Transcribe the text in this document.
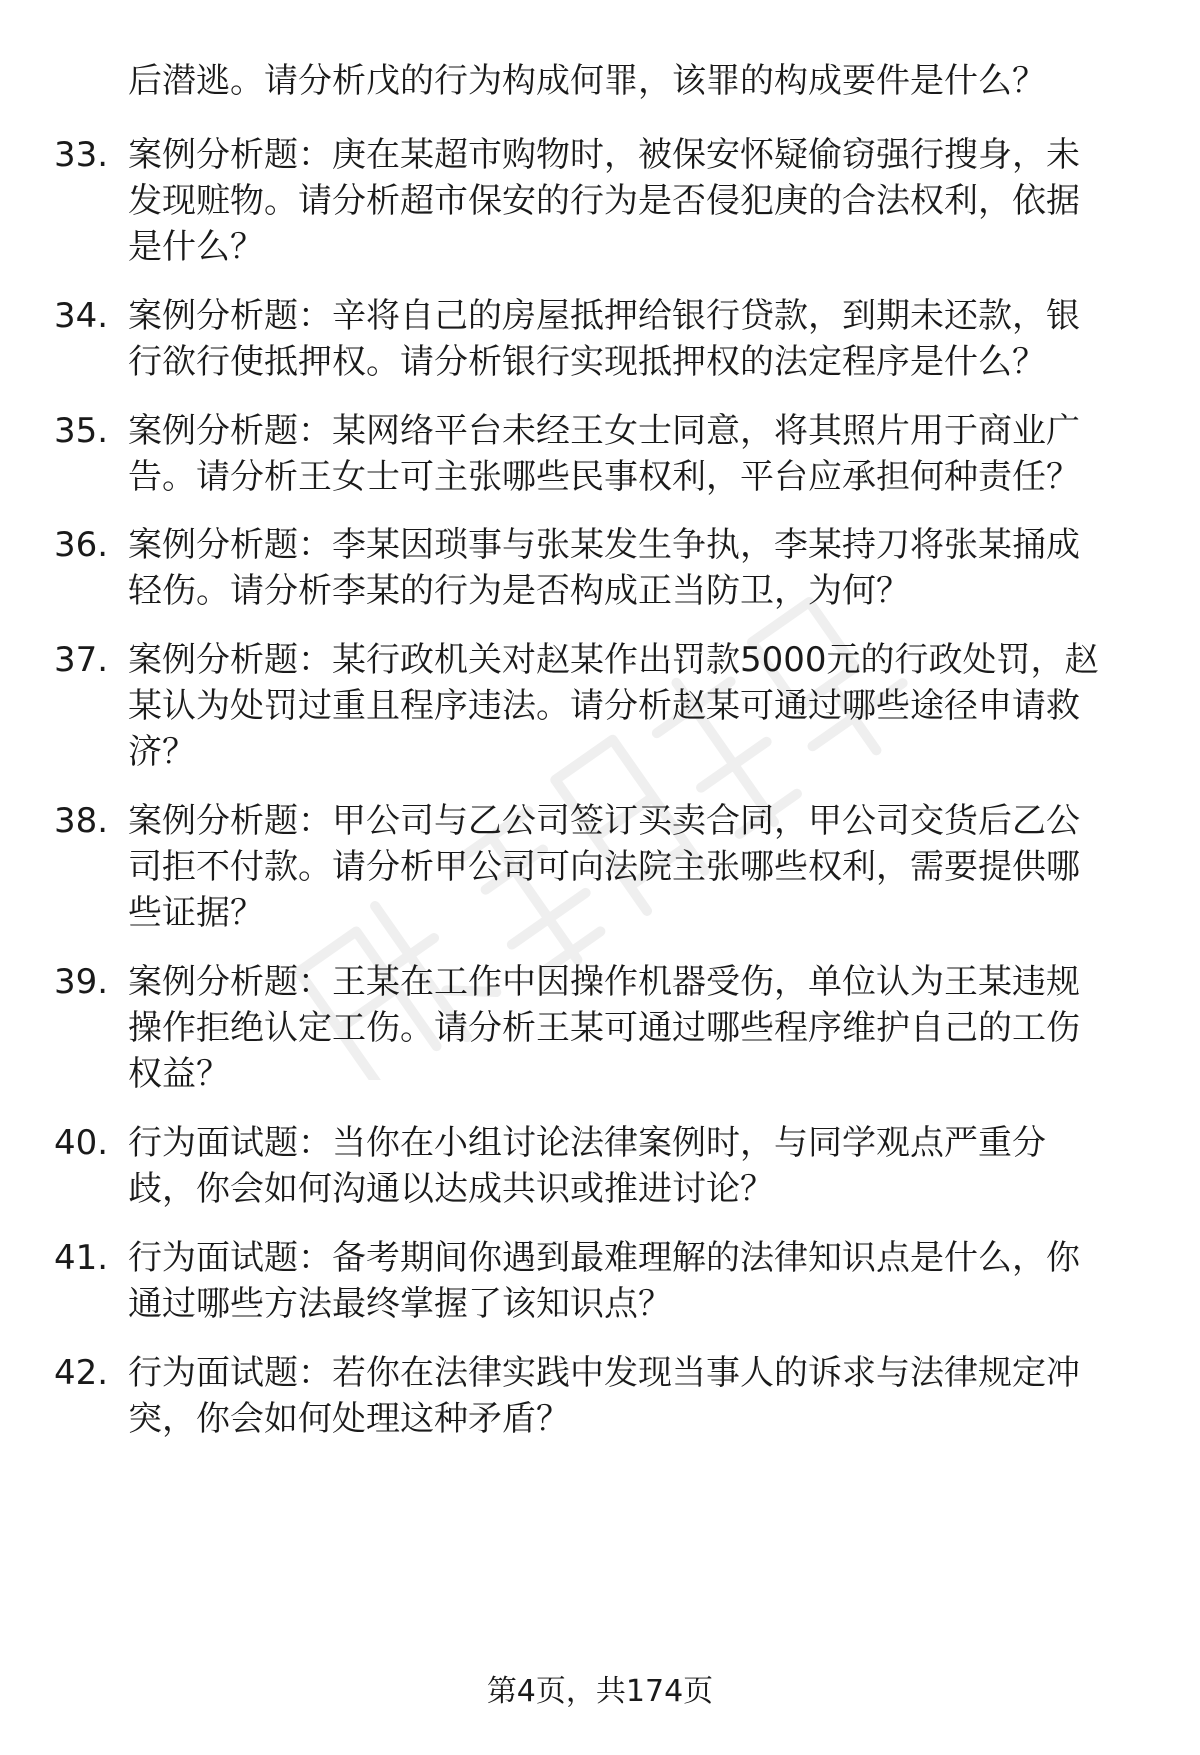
后潜逃。请分析戊的行为构成何罪，该罪的构成要件是什么？
33. 案例分析题：庚在某超市购物时，被保安怀疑偷窃强行搜身，未
发现赃物。请分析超市保安的行为是否侵犯庚的合法权利，依据
是什么？
34. 案例分析题：辛将自己的房屋抵押给银行贷款，到期未还款，银
行欲行使抵押权。请分析银行实现抵押权的法定程序是什么？
35. 案例分析题：某网络平台未经王女士同意，将其照片用于商业广
告。请分析王女士可主张哪些民事权利，平台应承担何种责任？
36. 案例分析题：李某因琐事与张某发生争执，李某持刀将张某捅成
轻伤。请分析李某的行为是否构成正当防卫，为何？
37. 案例分析题：某行政机关对赵某作出罚款5000元的行政处罚，赵
某认为处罚过重且程序违法。请分析赵某可通过哪些途径申请救
济？
38. 案例分析题：甲公司与乙公司签订买卖合同，甲公司交货后乙公
司拒不付款。请分析甲公司可向法院主张哪些权利，需要提供哪
些证据？
39. 案例分析题：王某在工作中因操作机器受伤，单位认为王某违规
操作拒绝认定工伤。请分析王某可通过哪些程序维护自己的工伤
权益？
40. 行为面试题：当你在小组讨论法律案例时，与同学观点严重分
歧，你会如何沟通以达成共识或推进讨论？
41. 行为面试题：备考期间你遇到最难理解的法律知识点是什么，你
通过哪些方法最终掌握了该知识点？
42. 行为面试题：若你在法律实践中发现当事人的诉求与法律规定冲
突，你会如何处理这种矛盾？
第4页，共174页
